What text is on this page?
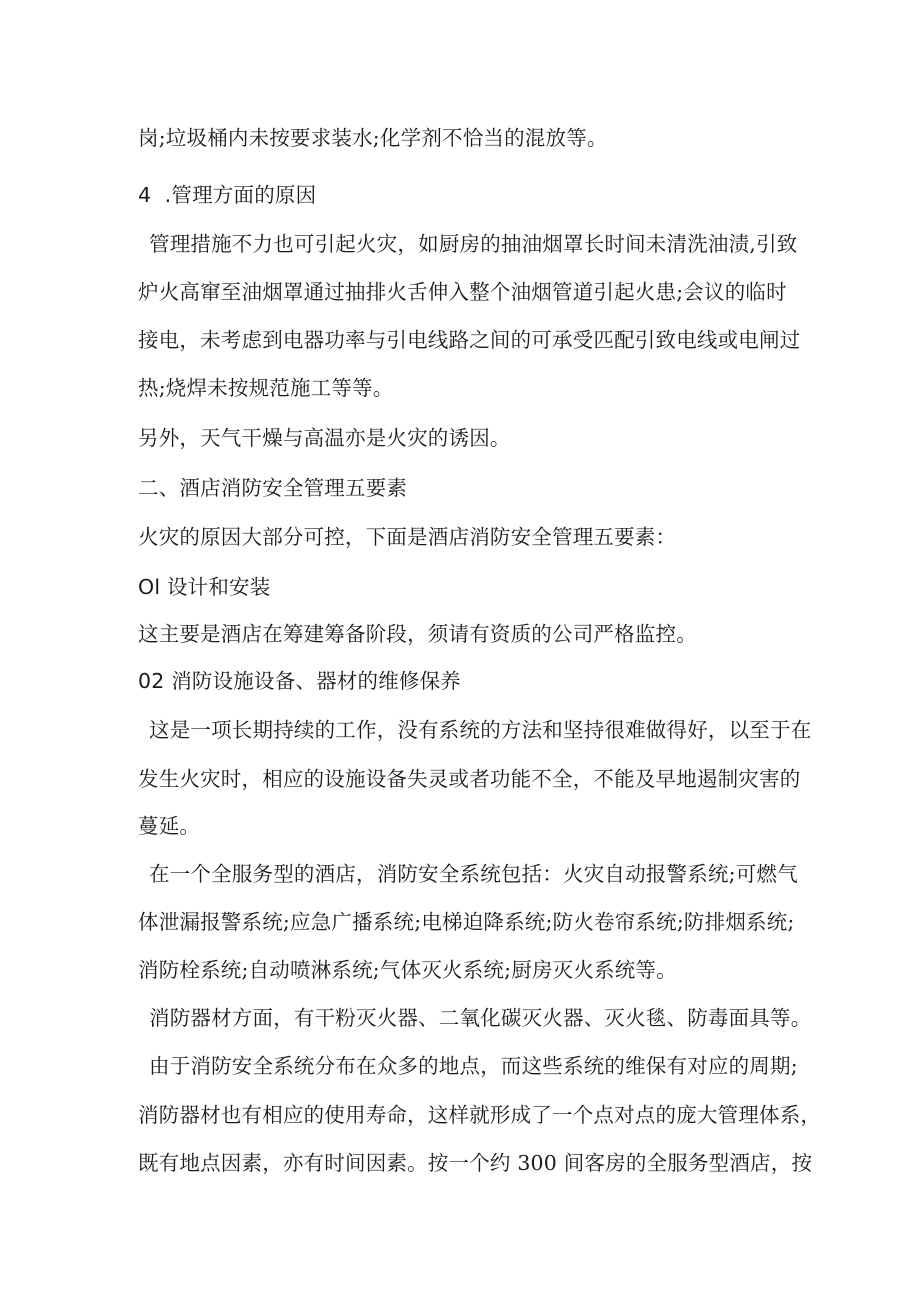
岗;垃圾桶内未按要求装水;化学剂不恰当的混放等。
4  .管理方面的原因
管理措施不力也可引起火灾，如厨房的抽油烟罩长时间未清洗油渍,引致
炉火高窜至油烟罩通过抽排火舌伸入整个油烟管道引起火患;会议的临时
接电，未考虑到电器功率与引电线路之间的可承受匹配引致电线或电闸过
热;烧焊未按规范施工等等。
另外，天气干燥与高温亦是火灾的诱因。
二、酒店消防安全管理五要素
火灾的原因大部分可控，下面是酒店消防安全管理五要素：
Ol 设计和安装
这主要是酒店在筹建筹备阶段，须请有资质的公司严格监控。
02 消防设施设备、器材的维修保养
这是一项长期持续的工作，没有系统的方法和坚持很难做得好，以至于在
发生火灾时，相应的设施设备失灵或者功能不全，不能及早地遏制灾害的
蔓延。
在一个全服务型的酒店，消防安全系统包括：火灾自动报警系统;可燃气
体泄漏报警系统;应急广播系统;电梯迫降系统;防火卷帘系统;防排烟系统;
消防栓系统;自动喷淋系统;气体灭火系统;厨房灭火系统等。
消防器材方面，有干粉灭火器、二氧化碳灭火器、灭火毯、防毒面具等。
由于消防安全系统分布在众多的地点，而这些系统的维保有对应的周期;
消防器材也有相应的使用寿命，这样就形成了一个点对点的庞大管理体系，
既有地点因素，亦有时间因素。按一个约 300 间客房的全服务型酒店，按
